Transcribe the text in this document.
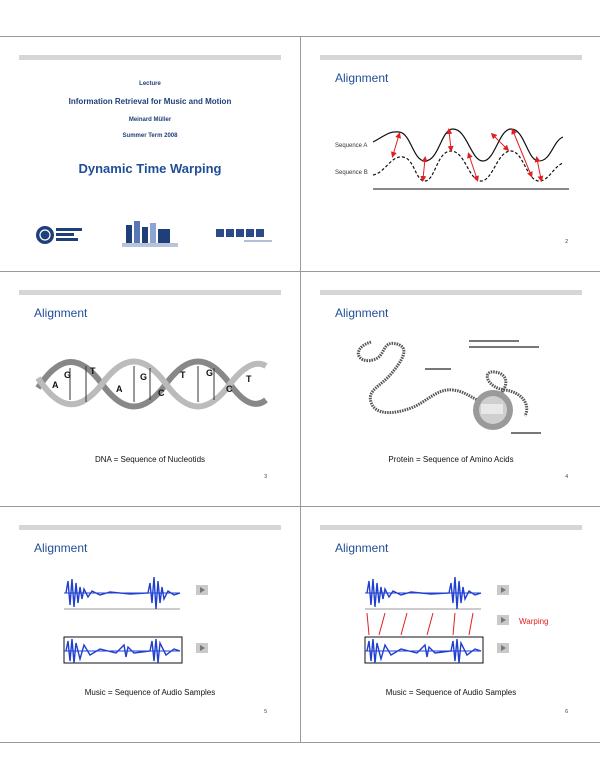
Lecture
Information Retrieval for Music and Motion
Meinard Müller
Summer Term 2008
Dynamic Time Warping
Alignment
Sequence A
Sequence B
2
Alignment
A
G T
A
G
C
T G
C
T
DNA = Sequence of Nucleotids
3
Alignment
Protein = Sequence of Amino Acids
4
Alignment
Music = Sequence of Audio Samples
5
Alignment
Warping
Music = Sequence of Audio Samples
6
